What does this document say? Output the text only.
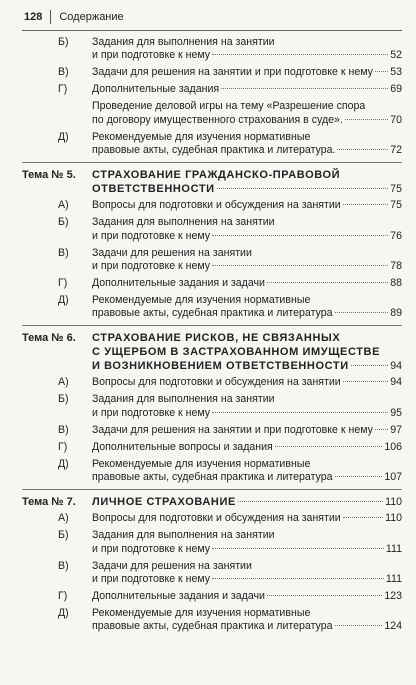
128 Содержание
Б) Задания для выполнения на занятии
и при подготовке к нему	52
В) Задачи для решения на занятии и при подготовке к нему 53
Г) Дополнительные задания	69
Проведение деловой игры на тему «Разрешение спора
по договору имущественного страхования в суде».	70
Д) Рекомендуемые для изучения нормативные
правовые акты, судебная практика и литература.	72
Тема № 5. СТРАХОВАНИЕ ГРАЖДАНСКО-ПРАВОВОЙ
ОТВЕТСТВЕННОСТИ	75
А) Вопросы для подготовки и обсуждения на занятии	75
Б) Задания для выполнения на занятии
и при подготовке к нему	76
В) Задачи для решения на занятии
и при подготовке к нему	78
Г) Дополнительные задания и задачи	88
Д) Рекомендуемые для изучения нормативные
правовые акты, судебная практика и литература	89
Тема № 6. СТРАХОВАНИЕ РИСКОВ, НЕ СВЯЗАННЫХ
С УЩЕРБОМ В ЗАСТРАХОВАННОМ ИМУЩЕСТВЕ
И ВОЗНИКНОВЕНИЕМ ОТВЕТСТВЕННОСТИ	94
А) Вопросы для подготовки и обсуждения на занятии	94
Б) Задания для выполнения на занятии
и при подготовке к нему	95
В) Задачи для решения на занятии и при подготовке к нему 97
Г) Дополнительные вопросы и задания	106
Д) Рекомендуемые для изучения нормативные
правовые акты, судебная практика и литература	107
Тема № 7. ЛИЧНОЕ СТРАХОВАНИЕ	110
А) Вопросы для подготовки и обсуждения на занятии	110
Б) Задания для выполнения на занятии
и при подготовке к нему	111
В) Задачи для решения на занятии
и при подготовке к нему	111
Г) Дополнительные задания и задачи	123
Д) Рекомендуемые для изучения нормативные
правовые акты, судебная практика и литература	124
